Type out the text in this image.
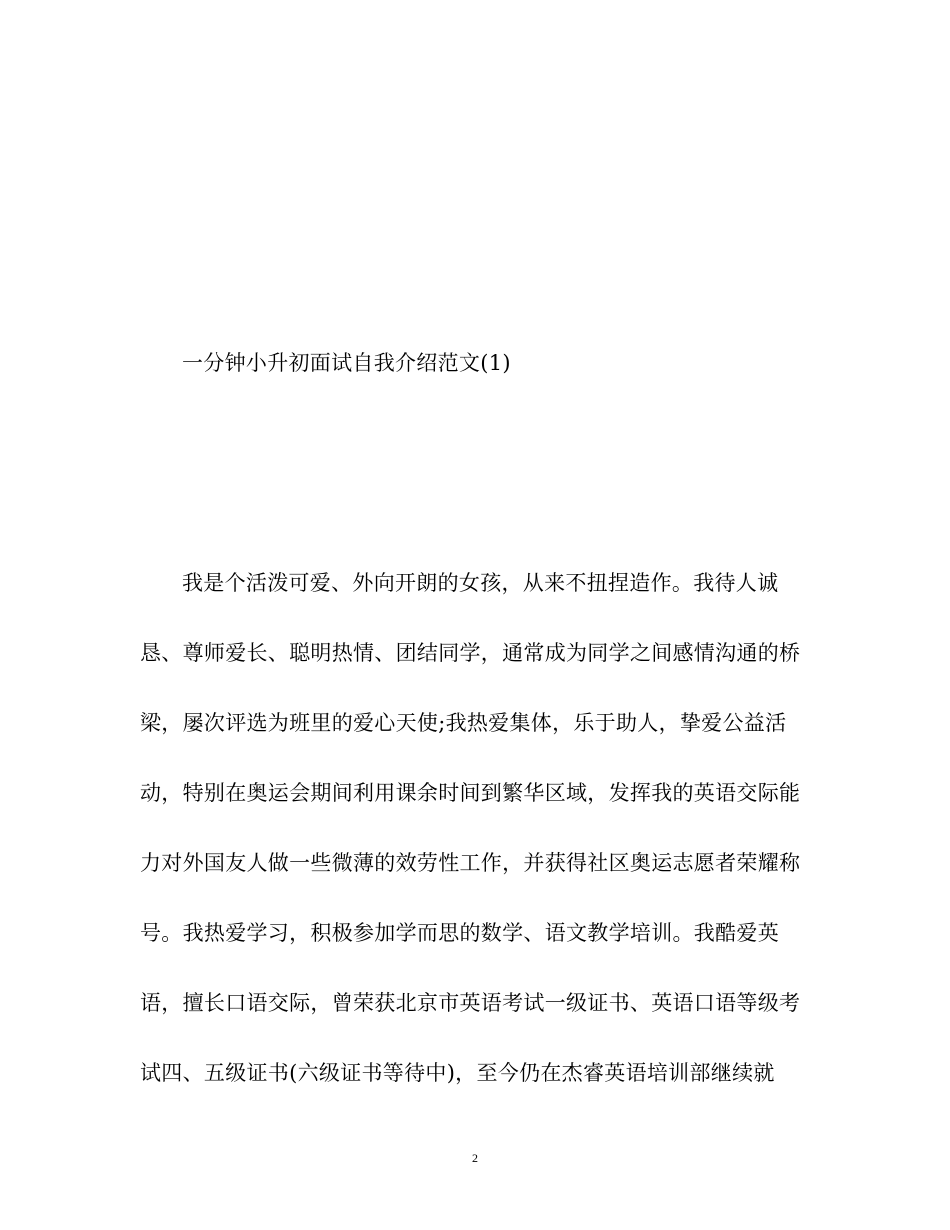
一分钟小升初面试自我介绍范文(1)
我是个活泼可爱、外向开朗的女孩，从来不扭捏造作。我待人诚
恳、尊师爱长、聪明热情、团结同学，通常成为同学之间感情沟通的桥
梁，屡次评选为班里的爱心天使;我热爱集体，乐于助人，挚爱公益活
动，特别在奥运会期间利用课余时间到繁华区域，发挥我的英语交际能
力对外国友人做一些微薄的效劳性工作，并获得社区奥运志愿者荣耀称
号。我热爱学习，积极参加学而思的数学、语文教学培训。我酷爱英
语，擅长口语交际，曾荣获北京市英语考试一级证书、英语口语等级考
试四、五级证书(六级证书等待中)，至今仍在杰睿英语培训部继续就
2
